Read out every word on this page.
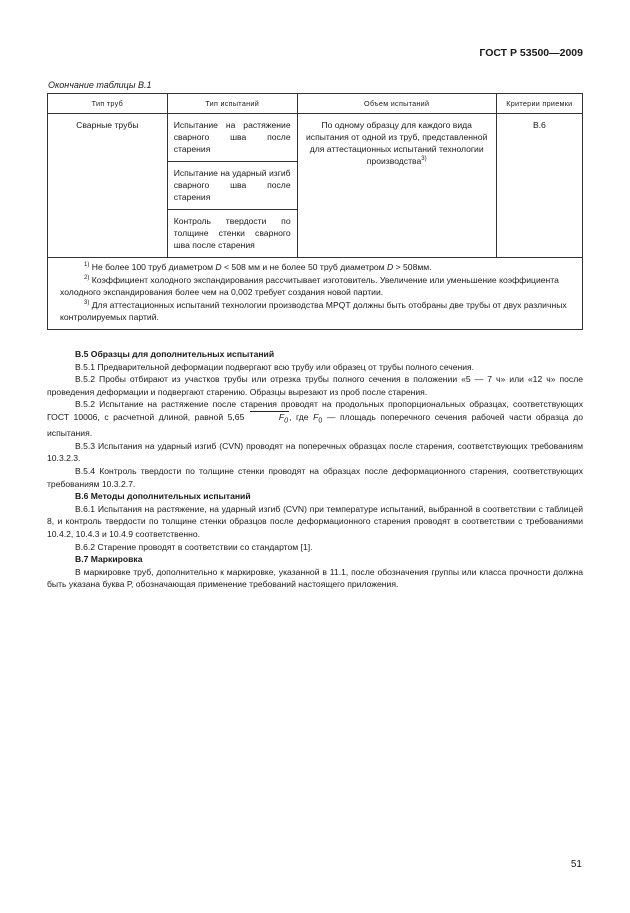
ГОСТ Р 53500—2009
Окончание таблицы В.1
Тип труб	Тип испытаний	Объем испытаний	Критерии приемки
Сварные трубы	Испытание на растяжение сварного шва после старения	По одному образцу для каждого вида испытания от одной из труб, представленной для аттестационных испытаний технологии производства$^{3)}$	В.6
	Испытание на ударный изгиб сварного шва после старения		
	Контроль твердости по толщине стенки сварного шва после старения		

$^{1)}$ Не более 100 труб диаметром D < 508 мм и не более 50 труб диаметром D > 508мм.

$^{2)}$ Коэффициент холодного экспандирования рассчитывает изготовитель. Увеличение или уменьшение коэффициента холодного экспандирования более чем на 0,002 требует создания новой партии.

$^{3)}$ Для аттестационных испытаний технологии производства MPQT должны быть отобраны две трубы от двух различных контролируемых партий.			

В.5 Образцы для дополнительных испытаний

В.5.1 Предварительной деформации подвергают всю трубу или образец от трубы полного сечения.

В.5.2 Пробы отбирают из участков трубы или отрезка трубы полного сечения в положении «5 — 7 ч» или «12 ч» после проведения деформации и подвергают старению. Образцы вырезают из проб после старения.

В.5.2 Испытание на растяжение после старения проводят на продольных пропорциональных образцах, соответствующих ГОСТ 10006, с расчетной длиной, равной 5,65	$F_0$, где $F_0$ — площадь поперечного сечения рабочей части образца до испытания.

В.5.3 Испытания на ударный изгиб (CVN) проводят на поперечных образцах после старения, соответствующих требованиям 10.3.2.3.

В.5.4 Контроль твердости по толщине стенки проводят на образцах после деформационного старения, соответствующих требованиям 10.3.2.7.

В.6 Методы дополнительных испытаний

В.6.1 Испытания на растяжение, на ударный изгиб (CVN) при температуре испытаний, выбранной в соответствии с таблицей 8, и контроль твердости по толщине стенки образцов после деформационного старения проводят в соответствии с требованиями 10.4.2, 10.4.3 и 10.4.9 соответственно.

В.6.2 Старение проводят в соответствии со стандартом [1].

В.7 Маркировка

В маркировке труб, дополнительно к маркировке, указанной в 11.1, после обозначения группы или класса прочности должна быть указана буква Р, обозначающая применение требований настоящего приложения.

51
